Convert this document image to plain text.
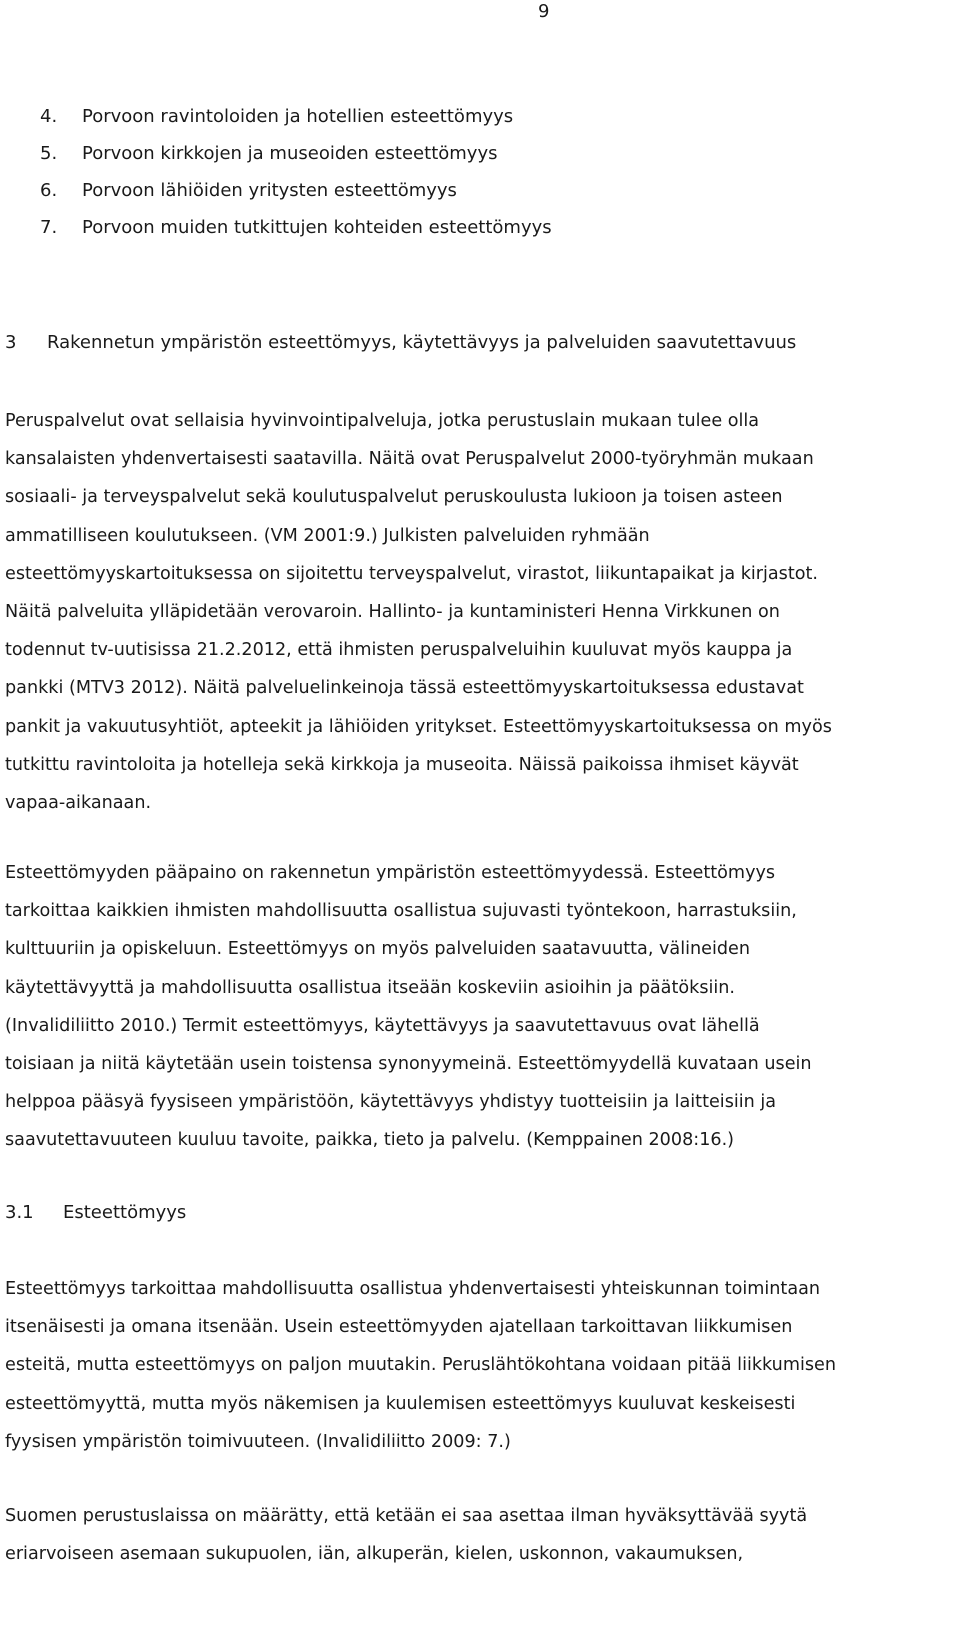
9
4. Porvoon ravintoloiden ja hotellien esteettömyys
5. Porvoon kirkkojen ja museoiden esteettömyys
6. Porvoon lähiöiden yritysten esteettömyys
7. Porvoon muiden tutkittujen kohteiden esteettömyys
3 Rakennetun ympäristön esteettömyys, käytettävyys ja palveluiden saavutettavuus
Peruspalvelut ovat sellaisia hyvinvointipalveluja, jotka perustuslain mukaan tulee olla
kansalaisten yhdenvertaisesti saatavilla. Näitä ovat Peruspalvelut 2000-työryhmän mukaan
sosiaali- ja terveyspalvelut sekä koulutuspalvelut peruskoulusta lukioon ja toisen asteen
ammatilliseen koulutukseen. (VM 2001:9.) Julkisten palveluiden ryhmään
esteettömyyskartoituksessa on sijoitettu terveyspalvelut, virastot, liikuntapaikat ja kirjastot.
Näitä palveluita ylläpidetään verovaroin. Hallinto- ja kuntaministeri Henna Virkkunen on
todennut tv-uutisissa 21.2.2012, että ihmisten peruspalveluihin kuuluvat myös kauppa ja
pankki (MTV3 2012). Näitä palveluelinkeinoja tässä esteettömyyskartoituksessa edustavat
pankit ja vakuutusyhtiöt, apteekit ja lähiöiden yritykset. Esteettömyyskartoituksessa on myös
tutkittu ravintoloita ja hotelleja sekä kirkkoja ja museoita. Näissä paikoissa ihmiset käyvät
vapaa-aikanaan.
Esteettömyyden pääpaino on rakennetun ympäristön esteettömyydessä. Esteettömyys
tarkoittaa kaikkien ihmisten mahdollisuutta osallistua sujuvasti työntekoon, harrastuksiin,
kulttuuriin ja opiskeluun. Esteettömyys on myös palveluiden saatavuutta, välineiden
käytettävyyttä ja mahdollisuutta osallistua itseään koskeviin asioihin ja päätöksiin.
(Invalidiliitto 2010.) Termit esteettömyys, käytettävyys ja saavutettavuus ovat lähellä
toisiaan ja niitä käytetään usein toistensa synonyymeinä. Esteettömyydellä kuvataan usein
helppoa pääsyä fyysiseen ympäristöön, käytettävyys yhdistyy tuotteisiin ja laitteisiin ja
saavutettavuuteen kuuluu tavoite, paikka, tieto ja palvelu. (Kemppainen 2008:16.)
3.1 Esteettömyys
Esteettömyys tarkoittaa mahdollisuutta osallistua yhdenvertaisesti yhteiskunnan toimintaan
itsenäisesti ja omana itsenään. Usein esteettömyyden ajatellaan tarkoittavan liikkumisen
esteitä, mutta esteettömyys on paljon muutakin. Peruslähtökohtana voidaan pitää liikkumisen
esteettömyyttä, mutta myös näkemisen ja kuulemisen esteettömyys kuuluvat keskeisesti
fyysisen ympäristön toimivuuteen. (Invalidiliitto 2009: 7.)
Suomen perustuslaissa on määrätty, että ketään ei saa asettaa ilman hyväksyttävää syytä
eriarvoiseen asemaan sukupuolen, iän, alkuperän, kielen, uskonnon, vakaumuksen,
